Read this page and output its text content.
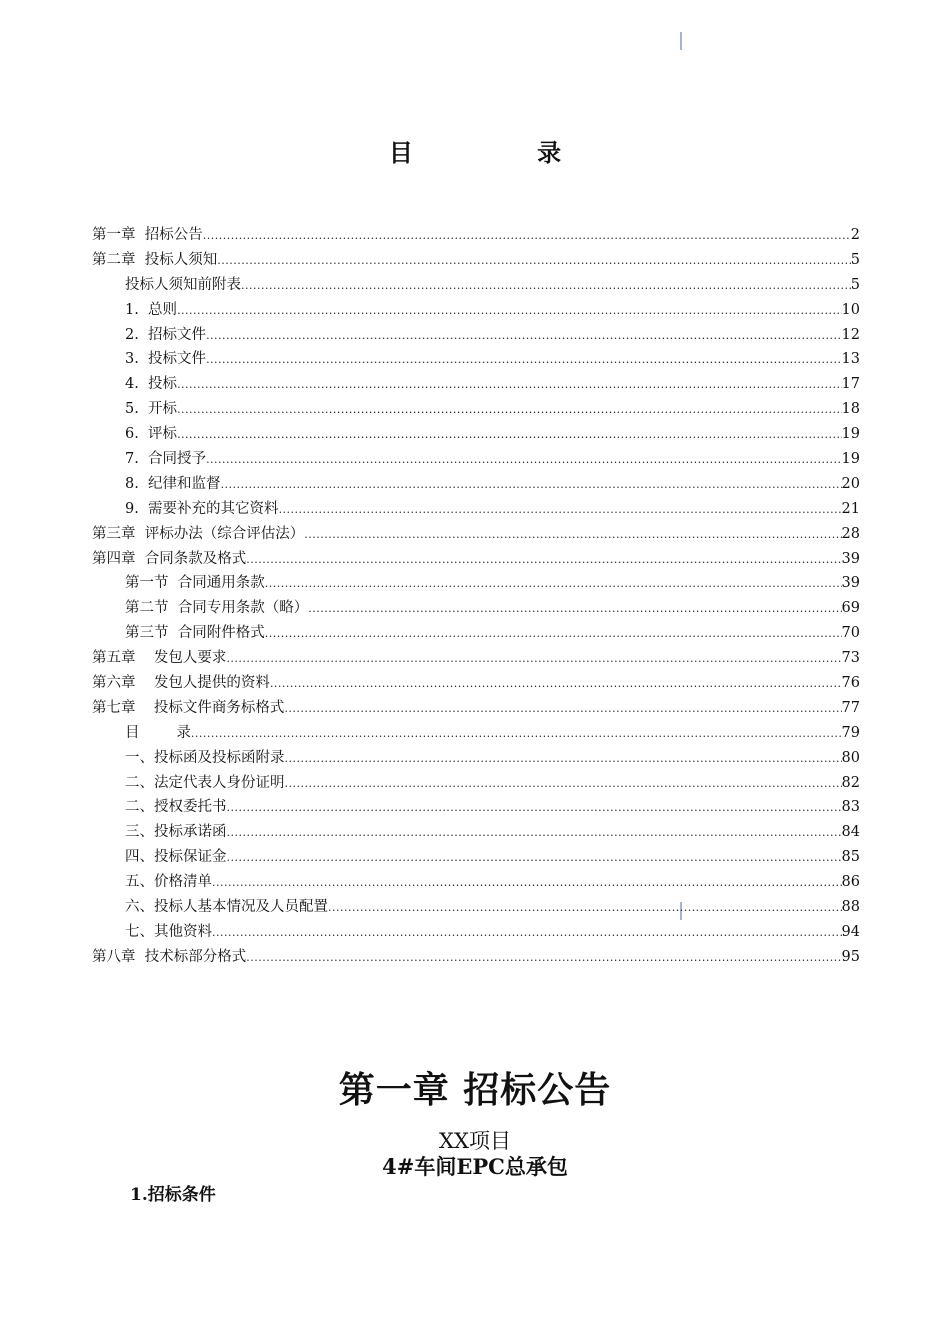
目 录
第一章  招标公告 .....	2
第二章  投标人须知 .....	5
投标人须知前附表 .....	5
1.  总则 .....	10
2.  招标文件 .....	12
3.  投标文件 .....	13
4.  投标 .....	17
5.  开标 .....	18
6.  评标 .....	19
7.  合同授予 .....	19
8.  纪律和监督 .....	20
9.  需要补充的其它资料 .....	21
第三章  评标办法（综合评估法） .....	28
第四章  合同条款及格式 .....	39
第一节  合同通用条款 .....	39
第二节  合同专用条款（略） .....	69
第三节  合同附件格式 .....	70
第五章    发包人要求 .....	73
第六章    发包人提供的资料 .....	76
第七章    投标文件商务标格式 .....	77
目        录 .....	79
一、投标函及投标函附录 .....	80
二、法定代表人身份证明 .....	82
二、授权委托书 .....	83
三、投标承诺函 .....	84
四、投标保证金 .....	85
五、价格清单 .....	86
六、投标人基本情况及人员配置 .....	88
七、其他资料 .....	94
第八章  技术标部分格式 .....	95
第一章 招标公告
XX项目
4#车间EPC总承包
1.招标条件
